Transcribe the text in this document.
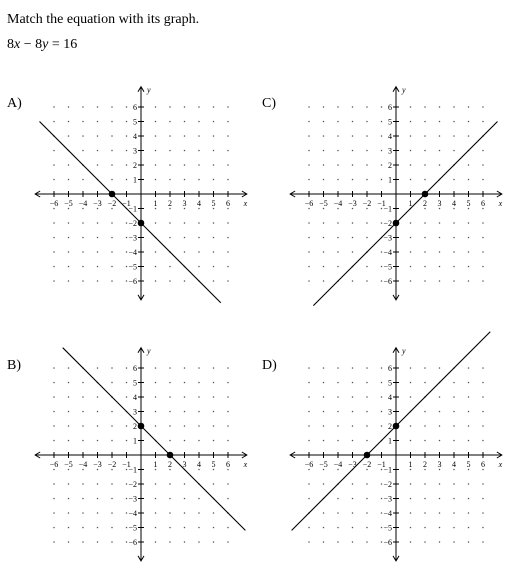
Match the equation with its graph.
8x − 8y = 16
A)
−6 −5 −4 −3 −2 −1	1 2 3 4 5 6
6
5
4
3
2
1
−1
−2
−3
−4
−5
−6
x
y
C)
−6 −5 −4 −3 −2 −1	1 2 3 4 5 6
6
5
4
3
2
1
−1
−2
−3
−4
−5
−6
x
y
B)
−6 −5 −4 −3 −2 −1	1 2 3 4 5 6
6
5
4
3
2
1
−1
−2
−3
−4
−5
−6
x
y
D)
−6 −5 −4 −3 −2 −1	1 2 3 4 5 6
6
5
4
3
2
1
−1
−2
−3
−4
−5
−6
x
y
